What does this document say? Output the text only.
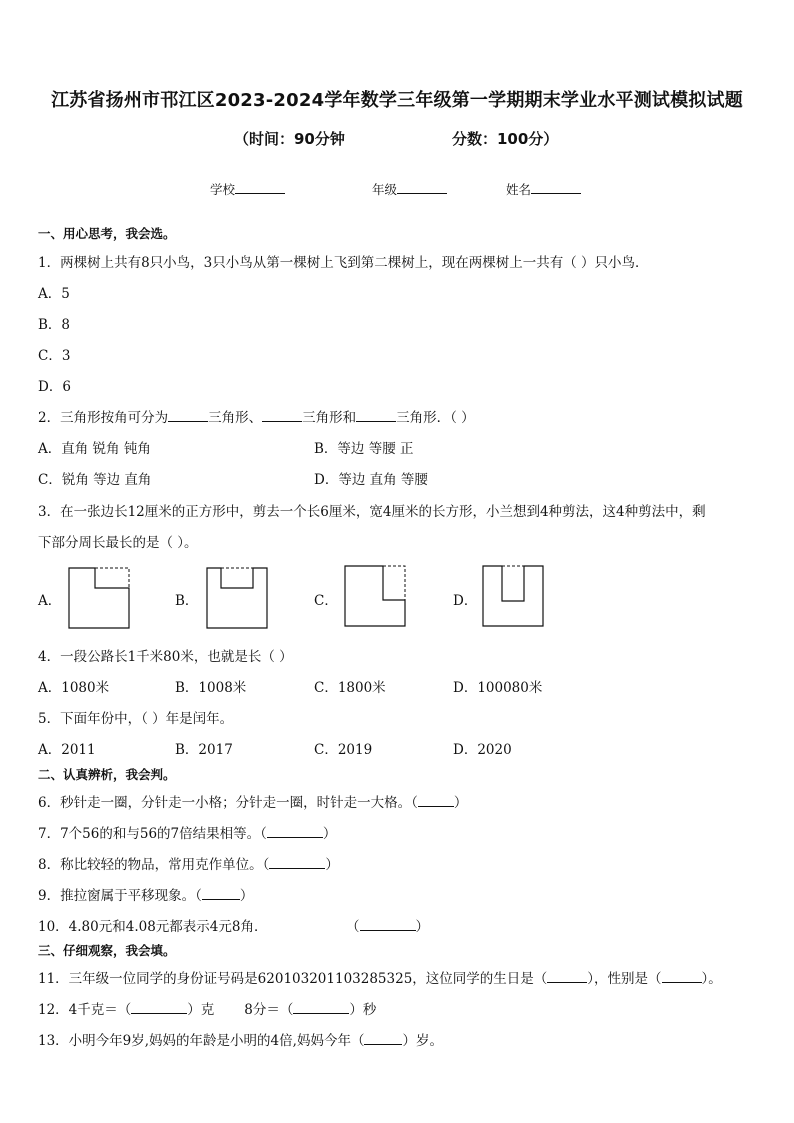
江苏省扬州市邗江区2023-2024学年数学三年级第一学期期末学业水平测试模拟试题
（时间：90分钟	分数：100分）
学校	年级	姓名
一、用心思考，我会选。
1．两棵树上共有8只小鸟，3只小鸟从第一棵树上飞到第二棵树上，现在两棵树上一共有（ ）只小鸟．
A．5
B．8
C．3
D．6
2．三角形按角可分为	三角形、	三角形和	三角形．（ ）
A．直角 锐角 钝角	B．等边 等腰 正
C．锐角 等边 直角	D．等边 直角 等腰
3．在一张边长12厘米的正方形中，剪去一个长6厘米，宽4厘米的长方形，小兰想到4种剪法，这4种剪法中，剩
下部分周长最长的是（ ）。
A．	B．	C．	D．
4．一段公路长1千米80米，也就是长（ ）
A．1080米	B．1008米	C．1800米	D．100080米
5．下面年份中，（ ）年是闰年。
A．2011	B．2017	C．2019	D．2020
二、认真辨析，我会判。
6．秒针走一圈，分针走一小格；分针走一圈，时针走一大格。（	）
7．7个56的和与56的7倍结果相等。（	）
8．称比较轻的物品，常用克作单位。（	）
9．推拉窗属于平移现象。（	）
10．4.80元和4.08元都表示4元8角．	（	）
三、仔细观察，我会填。
11．三年级一位同学的身份证号码是620103201103285325，这位同学的生日是（	），性别是（	）。
12．4千克＝（	）克 8分＝（	）秒
13．小明今年9岁,妈妈的年龄是小明的4倍,妈妈今年（	）岁。
